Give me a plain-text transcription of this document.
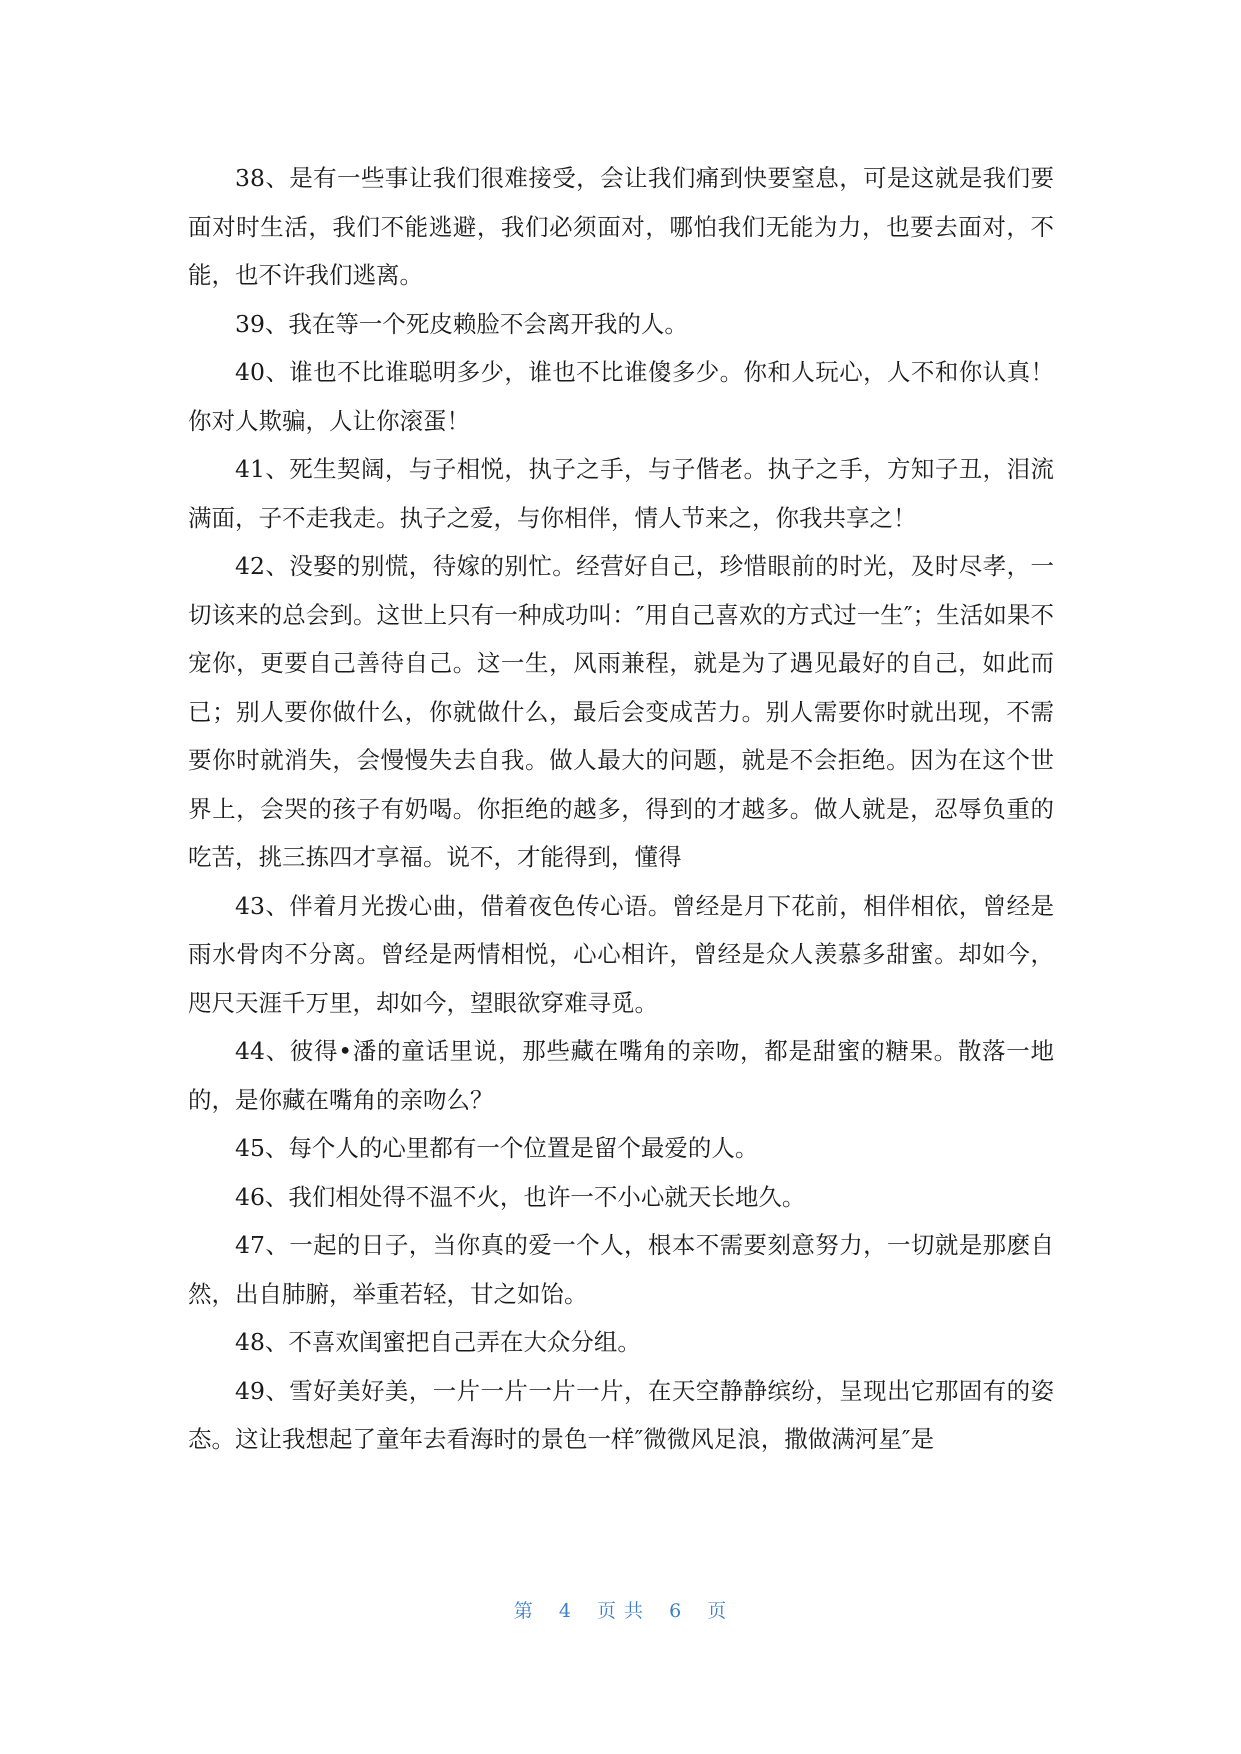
38、是有一些事让我们很难接受，会让我们痛到快要窒息，可是这就是我们要面对时生活，我们不能逃避，我们必须面对，哪怕我们无能为力，也要去面对，不能，也不许我们逃离。

39、我在等一个死皮赖脸不会离开我的人。

40、谁也不比谁聪明多少，谁也不比谁傻多少。你和人玩心，人不和你认真！你对人欺骗，人让你滚蛋！

41、死生契阔，与子相悦，执子之手，与子偕老。执子之手，方知子丑，泪流满面，子不走我走。执子之爱，与你相伴，情人节来之，你我共享之！

42、没娶的别慌，待嫁的别忙。经营好自己，珍惜眼前的时光，及时尽孝，一切该来的总会到。这世上只有一种成功叫：″用自己喜欢的方式过一生″；生活如果不宠你，更要自己善待自己。这一生，风雨兼程，就是为了遇见最好的自己，如此而已；别人要你做什么，你就做什么，最后会变成苦力。别人需要你时就出现，不需要你时就消失，会慢慢失去自我。做人最大的问题，就是不会拒绝。因为在这个世界上，会哭的孩子有奶喝。你拒绝的越多，得到的才越多。做人就是，忍辱负重的吃苦，挑三拣四才享福。说不，才能得到，懂得

43、伴着月光拨心曲，借着夜色传心语。曾经是月下花前，相伴相依，曾经是雨水骨肉不分离。曾经是两情相悦，心心相许，曾经是众人羡慕多甜蜜。却如今，咫尺天涯千万里，却如今，望眼欲穿难寻觅。

44、彼得•潘的童话里说，那些藏在嘴角的亲吻，都是甜蜜的糖果。散落一地的，是你藏在嘴角的亲吻么？

45、每个人的心里都有一个位置是留个最爱的人。

46、我们相处得不温不火，也许一不小心就天长地久。

47、一起的日子，当你真的爱一个人，根本不需要刻意努力，一切就是那麽自然，出自肺腑，举重若轻，甘之如饴。

48、不喜欢闺蜜把自己弄在大众分组。

49、雪好美好美，一片一片一片一片，在天空静静缤纷，呈现出它那固有的姿态。这让我想起了童年去看海时的景色一样″微微风足浪，撒做满河星″是

第 4 页 共 6 页
